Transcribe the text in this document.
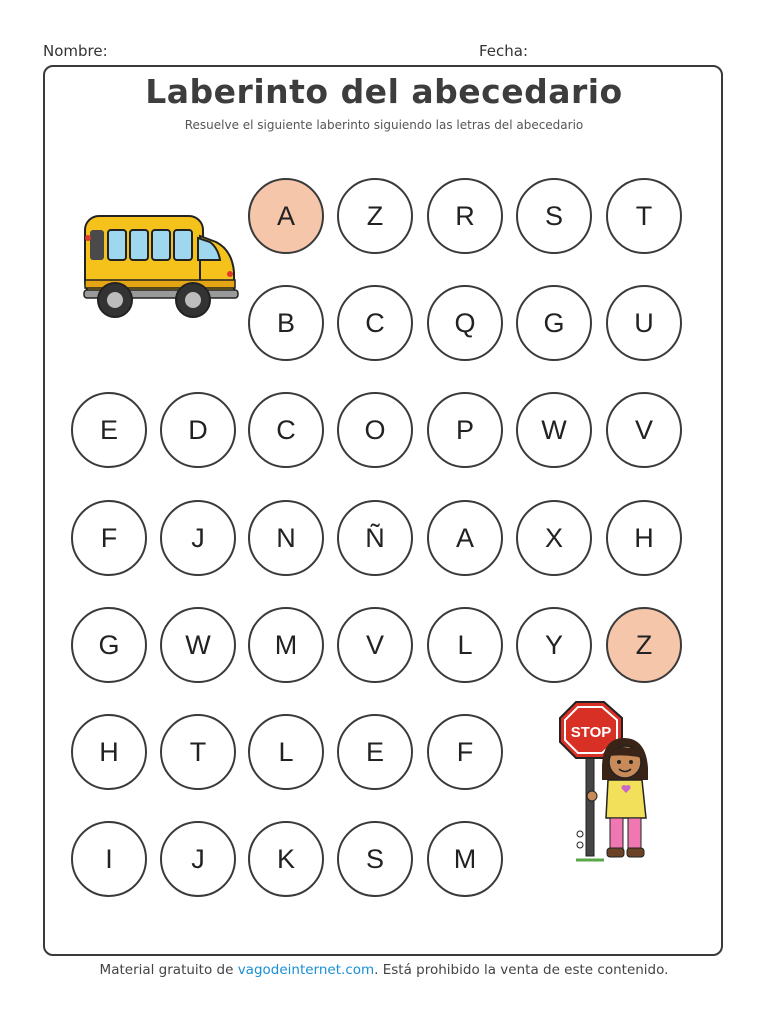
Nombre:	Fecha:
Laberinto del abecedario
Resuelve el siguiente laberinto siguiendo las letras del abecedario
A	Z	R	S	T
B	C	Q	G	U
E	D	C	O	P	W	V
F	J	N	Ñ	A	X	H
G	W	M	V	L	Y	Z
H	T	L	E	F
I	J	K	S	M
STOP
Material gratuito de vagodeinternet.com. Está prohibido la venta de este contenido.
